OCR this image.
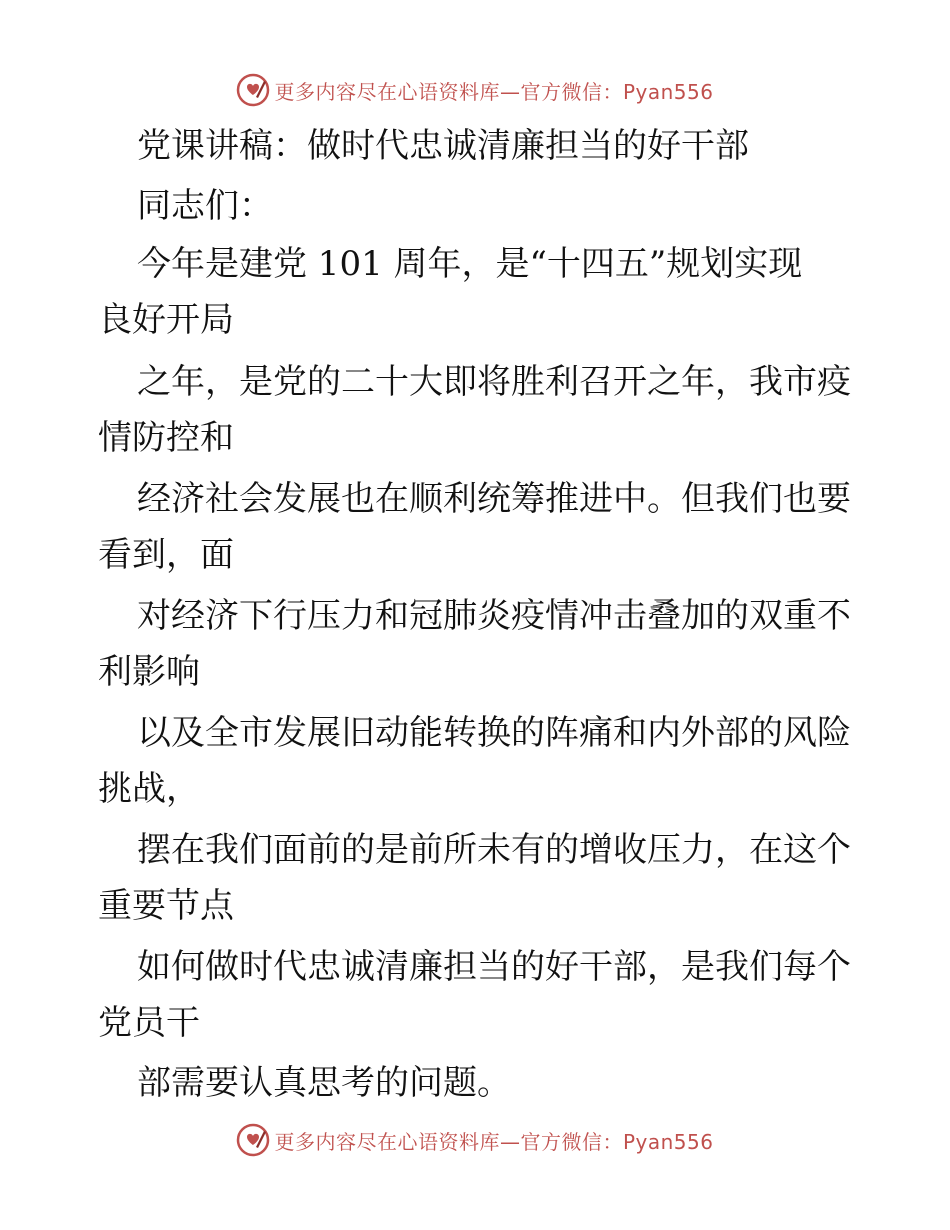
更多内容尽在心语资料库—官方微信：Pyan556
党课讲稿：做时代忠诚清廉担当的好干部
同志们：
今年是建党 101 周年，是“十四五”规划实现
良好开局
之年，是党的二十大即将胜利召开之年，我市疫
情防控和
经济社会发展也在顺利统筹推进中。但我们也要
看到，面
对经济下行压力和冠肺炎疫情冲击叠加的双重不
利影响
以及全市发展旧动能转换的阵痛和内外部的风险
挑战，
摆在我们面前的是前所未有的增收压力，在这个
重要节点
如何做时代忠诚清廉担当的好干部，是我们每个
党员干
部需要认真思考的问题。
更多内容尽在心语资料库—官方微信：Pyan556
